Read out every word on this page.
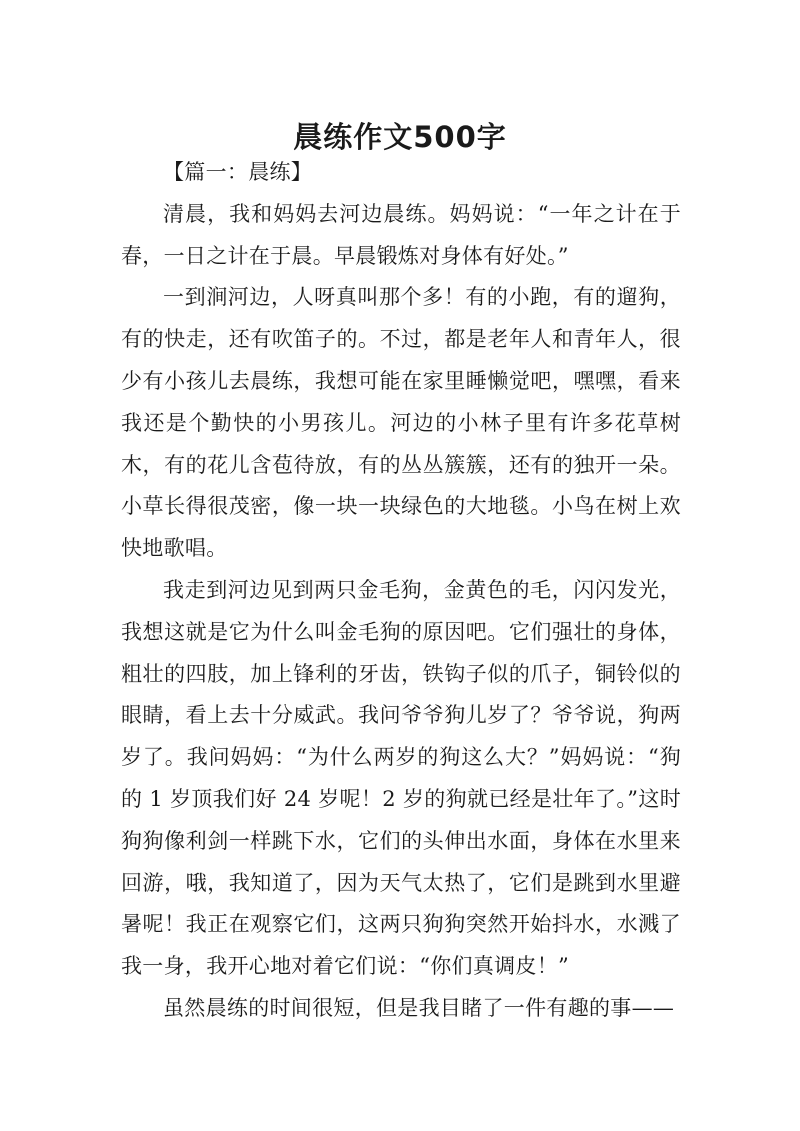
晨练作文500字

【篇一：晨练】

清晨，我和妈妈去河边晨练。妈妈说：“一年之计在于春，一日之计在于晨。早晨锻炼对身体有好处。”

一到涧河边，人呀真叫那个多！有的小跑，有的遛狗，有的快走，还有吹笛子的。不过，都是老年人和青年人，很少有小孩儿去晨练，我想可能在家里睡懒觉吧，嘿嘿，看来我还是个勤快的小男孩儿。河边的小林子里有许多花草树木，有的花儿含苞待放，有的丛丛簇簇，还有的独开一朵。小草长得很茂密，像一块一块绿色的大地毯。小鸟在树上欢快地歌唱。

我走到河边见到两只金毛狗，金黄色的毛，闪闪发光，我想这就是它为什么叫金毛狗的原因吧。它们强壮的身体，粗壮的四肢，加上锋利的牙齿，铁钩子似的爪子，铜铃似的眼睛，看上去十分威武。我问爷爷狗儿岁了？爷爷说，狗两岁了。我问妈妈：“为什么两岁的狗这么大？”妈妈说：“狗的 1 岁顶我们好 24 岁呢！2 岁的狗就已经是壮年了。”这时狗狗像利剑一样跳下水，它们的头伸出水面，身体在水里来回游，哦，我知道了，因为天气太热了，它们是跳到水里避暑呢！我正在观察它们，这两只狗狗突然开始抖水，水溅了我一身，我开心地对着它们说：“你们真调皮！”

虽然晨练的时间很短，但是我目睹了一件有趣的事——
